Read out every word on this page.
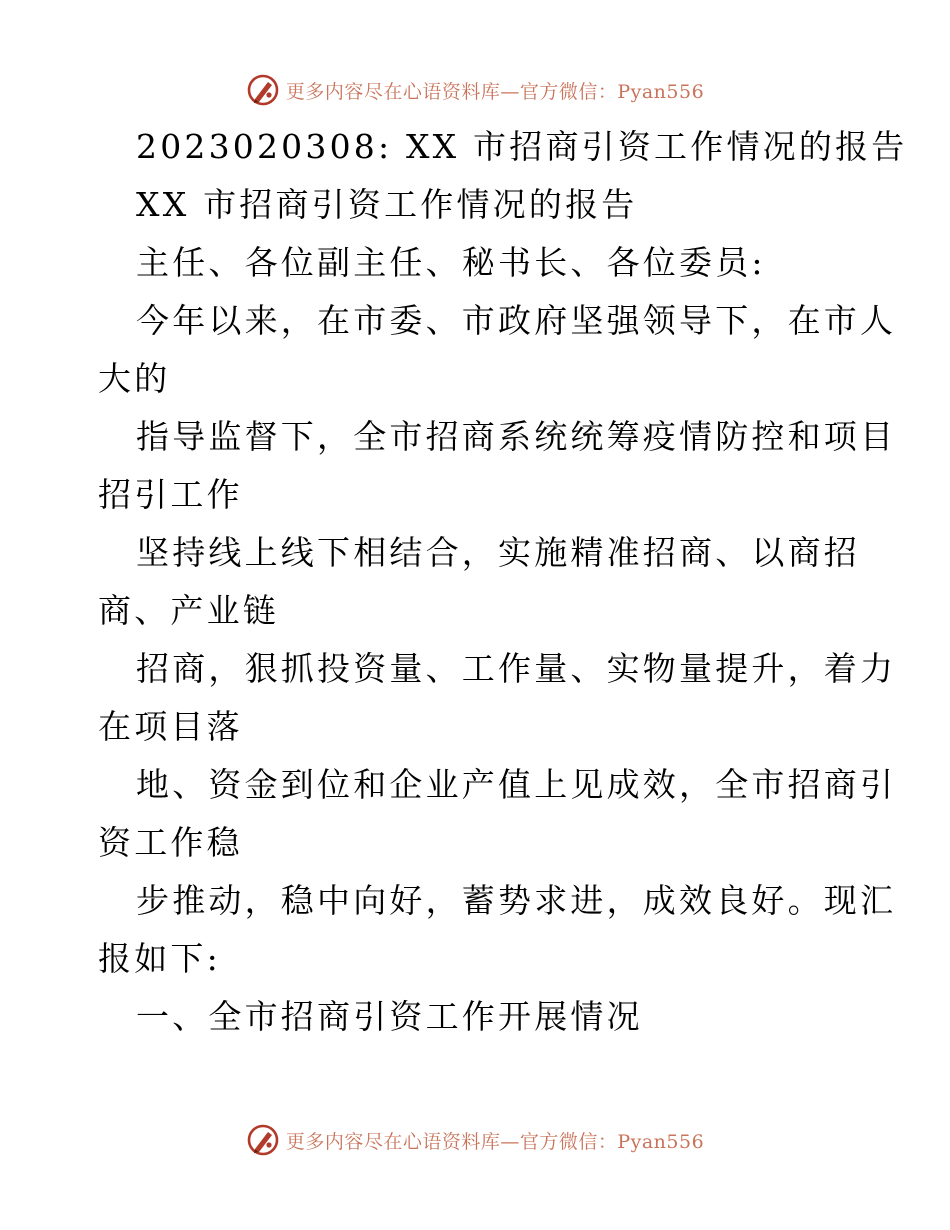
更多内容尽在心语资料库—官方微信：Pyan556
2023020308: XX 市招商引资工作情况的报告
XX 市招商引资工作情况的报告
主任、各位副主任、秘书长、各位委员:
今年以来，在市委、市政府坚强领导下，在市人
大的
指导监督下，全市招商系统统筹疫情防控和项目
招引工作
坚持线上线下相结合，实施精准招商、以商招
商、产业链
招商，狠抓投资量、工作量、实物量提升，着力
在项目落
地、资金到位和企业产值上见成效，全市招商引
资工作稳
步推动，稳中向好，蓄势求进，成效良好。现汇
报如下:
一、全市招商引资工作开展情况
更多内容尽在心语资料库—官方微信：Pyan556
